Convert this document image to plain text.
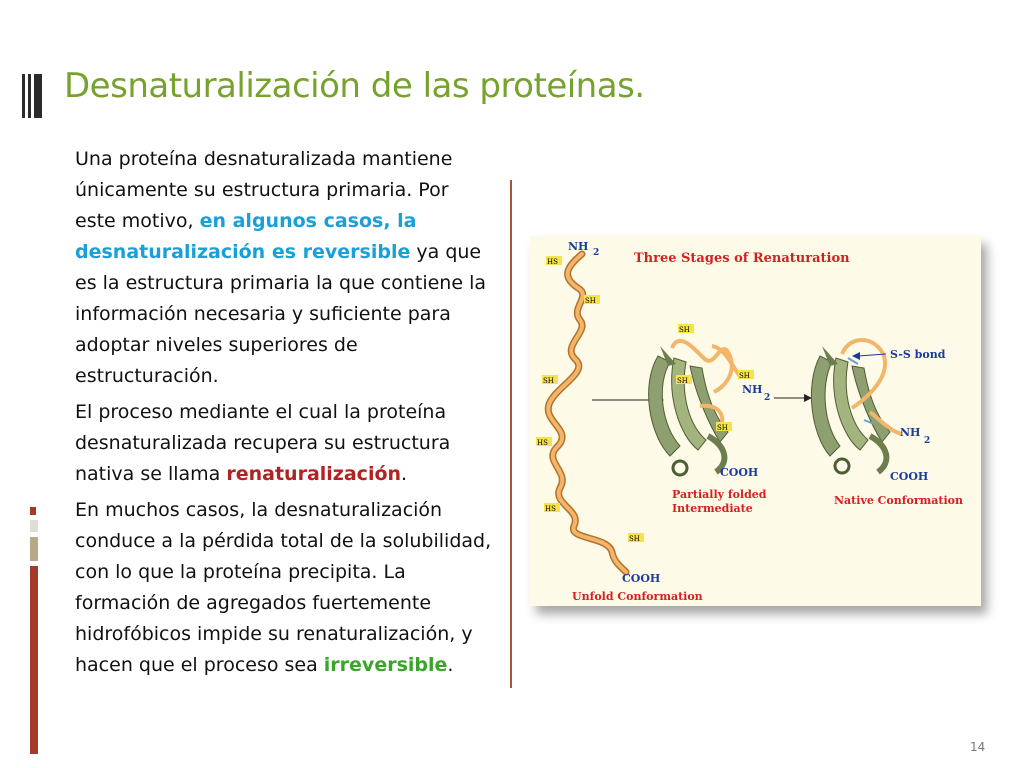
Desnaturalización de las proteínas.

Una proteína desnaturalizada mantiene únicamente su estructura primaria. Por este motivo, en algunos casos, la desnaturalización es reversible ya que es la estructura primaria la que contiene la información necesaria y suficiente para adoptar niveles superiores de estructuración.

El proceso mediante el cual la proteína desnaturalizada recupera su estructura nativa se llama renaturalización.

En muchos casos, la desnaturalización conduce a la pérdida total de la solubilidad, con lo que la proteína precipita. La formación de agregados fuertemente hidrofóbicos impide su renaturalización, y hacen que el proceso sea irreversible.

Three Stages of Renaturation
NH 2
HS
SH
SH
HS
HS
SH
COOH
Unfold Conformation
SH
SH
SH
SH
NH
2
COOH
Partially folded
Intermediate
S-S bond
NH
2
COOH
Native Conformation
14
